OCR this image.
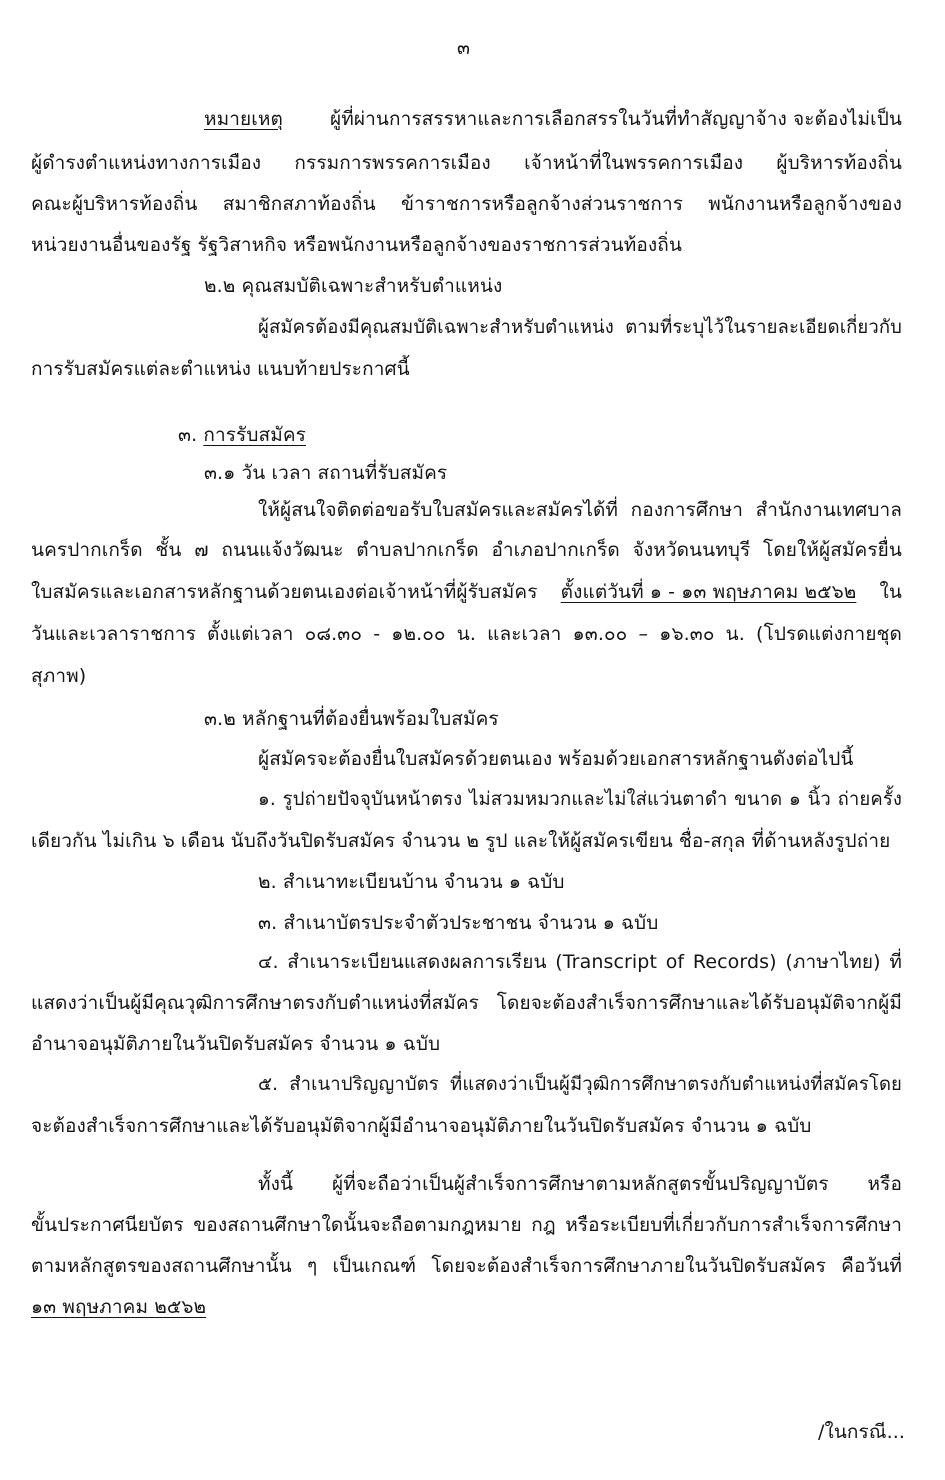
๓

หมายเหตุ ผู้ที่ผ่านการสรรหาและการเลือกสรรในวันที่ทำสัญญาจ้าง จะต้องไม่เป็น

ผู้ดำรงตำแหน่งทางการเมือง กรรมการพรรคการเมือง เจ้าหน้าที่ในพรรคการเมือง ผู้บริหารท้องถิ่น

คณะผู้บริหารท้องถิ่น สมาชิกสภาท้องถิ่น ข้าราชการหรือลูกจ้างส่วนราชการ พนักงานหรือลูกจ้างของ

หน่วยงานอื่นของรัฐ รัฐวิสาหกิจ หรือพนักงานหรือลูกจ้างของราชการส่วนท้องถิ่น

๒.๒ คุณสมบัติเฉพาะสำหรับตำแหน่ง

ผู้สมัครต้องมีคุณสมบัติเฉพาะสำหรับตำแหน่ง ตามที่ระบุไว้ในรายละเอียดเกี่ยวกับ

การรับสมัครแต่ละตำแหน่ง แนบท้ายประกาศนี้

๓. การรับสมัคร

๓.๑ วัน เวลา สถานที่รับสมัคร

ให้ผู้สนใจติดต่อขอรับใบสมัครและสมัครได้ที่ กองการศึกษา สำนักงานเทศบาล

นครปากเกร็ด ชั้น ๗ ถนนแจ้งวัฒนะ ตำบลปากเกร็ด อำเภอปากเกร็ด จังหวัดนนทบุรี โดยให้ผู้สมัครยื่น

ใบสมัครและเอกสารหลักฐานด้วยตนเองต่อเจ้าหน้าที่ผู้รับสมัคร ตั้งแต่วันที่ ๑ - ๑๓ พฤษภาคม ๒๕๖๒ ใน

วันและเวลาราชการ ตั้งแต่เวลา ๐๘.๓๐ - ๑๒.๐๐ น. และเวลา ๑๓.๐๐ – ๑๖.๓๐ น. (โปรดแต่งกายชุด

สุภาพ)

๓.๒ หลักฐานที่ต้องยื่นพร้อมใบสมัคร

ผู้สมัครจะต้องยื่นใบสมัครด้วยตนเอง พร้อมด้วยเอกสารหลักฐานดังต่อไปนี้

๑. รูปถ่ายปัจจุบันหน้าตรง ไม่สวมหมวกและไม่ใส่แว่นตาดำ ขนาด ๑ นิ้ว ถ่ายครั้ง

เดียวกัน ไม่เกิน ๖ เดือน นับถึงวันปิดรับสมัคร จำนวน ๒ รูป และให้ผู้สมัครเขียน ชื่อ-สกุล ที่ด้านหลังรูปถ่าย

๒. สำเนาทะเบียนบ้าน จำนวน ๑ ฉบับ

๓. สำเนาบัตรประจำตัวประชาชน จำนวน ๑ ฉบับ

๔. สำเนาระเบียนแสดงผลการเรียน (Transcript of Records) (ภาษาไทย) ที่

แสดงว่าเป็นผู้มีคุณวุฒิการศึกษาตรงกับตำแหน่งที่สมัคร โดยจะต้องสำเร็จการศึกษาและได้รับอนุมัติจากผู้มี

อำนาจอนุมัติภายในวันปิดรับสมัคร จำนวน ๑ ฉบับ

๕. สำเนาปริญญาบัตร ที่แสดงว่าเป็นผู้มีวุฒิการศึกษาตรงกับตำแหน่งที่สมัครโดย

จะต้องสำเร็จการศึกษาและได้รับอนุมัติจากผู้มีอำนาจอนุมัติภายในวันปิดรับสมัคร จำนวน ๑ ฉบับ

ทั้งนี้ ผู้ที่จะถือว่าเป็นผู้สำเร็จการศึกษาตามหลักสูตรขั้นปริญญาบัตร หรือ

ขั้นประกาศนียบัตร ของสถานศึกษาใดนั้นจะถือตามกฎหมาย กฎ หรือระเบียบที่เกี่ยวกับการสำเร็จการศึกษา

ตามหลักสูตรของสถานศึกษานั้น ๆ เป็นเกณฑ์ โดยจะต้องสำเร็จการศึกษาภายในวันปิดรับสมัคร คือวันที่

๑๓ พฤษภาคม ๒๕๖๒

/ในกรณี...
